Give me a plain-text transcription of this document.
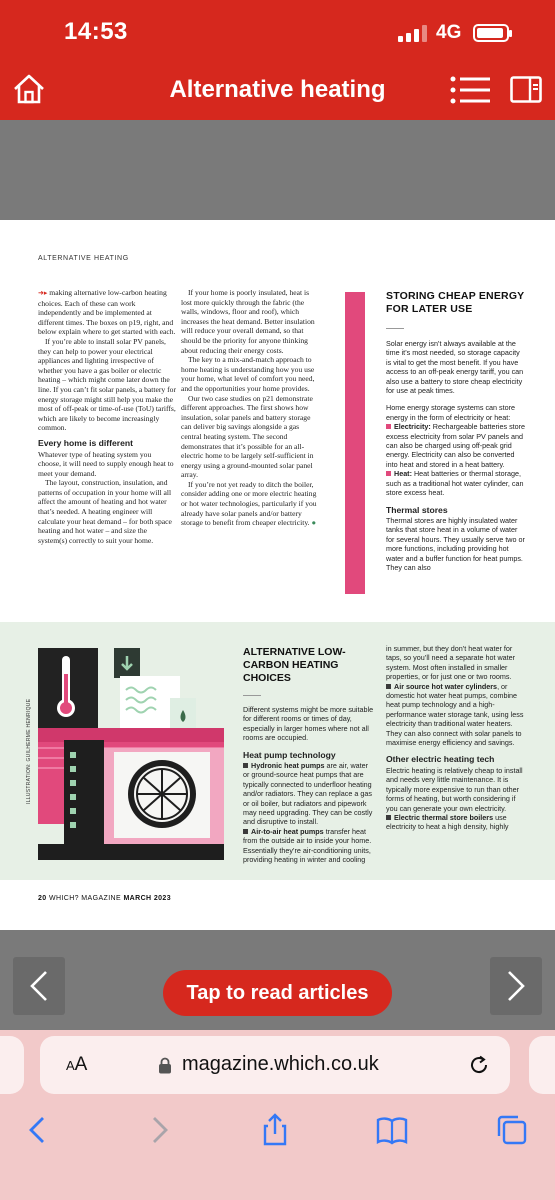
14:53	4G
Alternative heating
ALTERNATIVE HEATING

➜▸ making alternative low-carbon heating choices. Each of these can work independently and be implemented at different times. The boxes on p19, right, and below explain where to get started with each.

If you’re able to install solar PV panels, they can help to power your electrical appliances and lighting irrespective of whether you have a gas boiler or electric heating – which might come later down the line. If you can’t fit solar panels, a battery for energy storage might still help you make the most of off-peak or time-of-use (ToU) tariffs, which are likely to become increasingly common.

Every home is different

Whatever type of heating system you choose, it will need to supply enough heat to meet your demand.

The layout, construction, insulation, and patterns of occupation in your home will all affect the amount of heating and hot water that’s needed. A heating engineer will calculate your heat demand – for both space heating and hot water – and size the system(s) correctly to suit your home.

If your home is poorly insulated, heat is lost more quickly through the fabric (the walls, windows, floor and roof), which increases the heat demand. Better insulation will reduce your overall demand, so that should be the priority for anyone thinking about reducing their energy costs.

The key to a mix-and-match approach to home heating is understanding how you use your home, what level of comfort you need, and the opportunities your home provides.

Our two case studies on p21 demonstrate different approaches. The first shows how insulation, solar panels and battery storage can deliver big savings alongside a gas central heating system. The second demonstrates that it’s possible for an all-electric home to be largely self-sufficient in energy using a ground-mounted solar panel array.

If you’re not yet ready to ditch the boiler, consider adding one or more electric heating or hot water technologies, particularly if you already have solar panels and/or battery storage to benefit from cheaper electricity. ●

STORING CHEAP ENERGY FOR LATER USE

Solar energy isn’t always available at the time it’s most needed, so storage capacity is vital to get the most benefit. If you have access to an off-peak energy tariff, you can also use a battery to store cheap electricity for use at peak times.

Home energy storage systems can store energy in the form of electricity or heat:

Electricity: Rechargeable batteries store excess electricity from solar PV panels and can also be charged using off-peak grid energy. Electricity can also be converted into heat and stored in a heat battery.

Heat: Heat batteries or thermal storage, such as a traditional hot water cylinder, can store excess heat.

Thermal stores

Thermal stores are highly insulated water tanks that store heat in a volume of water for several hours. They usually serve two or more functions, including providing hot water and a buffer function for heat pumps. They can also

ILLUSTRATION: GUILHERME HENRIQUE
ALTERNATIVE LOW-CARBON HEATING CHOICES

Different systems might be more suitable for different rooms or times of day, especially in larger homes where not all rooms are occupied.

Heat pump technology

Hydronic heat pumps are air, water or ground-source heat pumps that are typically connected to underfloor heating and/or radiators. They can replace a gas or oil boiler, but radiators and pipework may need upgrading. They can be costly and disruptive to install.

Air-to-air heat pumps transfer heat from the outside air to inside your home. Essentially they’re air-conditioning units, providing heating in winter and cooling

in summer, but they don’t heat water for taps, so you’ll need a separate hot water system. Most often installed in smaller properties, or for just one or two rooms.

Air source hot water cylinders, or domestic hot water heat pumps, combine heat pump technology and a high-performance water storage tank, using less electricity than traditional water heaters. They can also connect with solar panels to maximise energy efficiency and savings.

Other electric heating tech

Electric heating is relatively cheap to install and needs very little maintenance. It is typically more expensive to run than other forms of heating, but worth considering if you can generate your own electricity.

Electric thermal store boilers use electricity to heat a high density, highly

20 WHICH? MAGAZINE MARCH 2023
Tap to read articles
AA	magazine.which.co.uk
